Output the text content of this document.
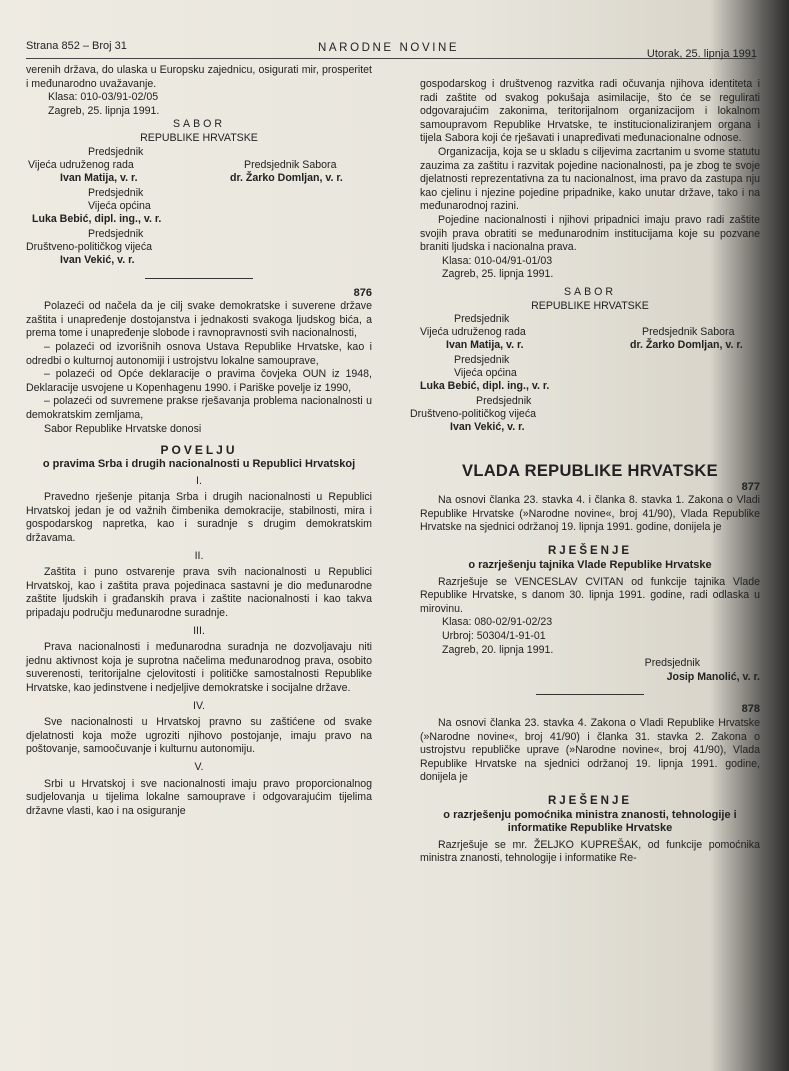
Strana 852 – Broj 31	NARODNE NOVINE	Utorak, 25. lipnja 1991

verenih država, do ulaska u Europsku zajednicu, osigurati mir, prosperitet i međunarodno uvažavanje.

Klasa: 010-03/91-02/05

Zagreb, 25. lipnja 1991.

SABOR

REPUBLIKE HRVATSKE

Predsjednik
Vijeća udruženog rada
Ivan Matija, v. r.
Predsjednik Sabora
dr. Žarko Domljan, v. r.
Predsjednik
Vijeća općina
Luka Bebić, dipl. ing., v. r.
Predsjednik
Društveno-političkog vijeća
Ivan Vekić, v. r.
876

Polazeći od načela da je cilj svake demokratske i suverene države zaštita i unapređenje dostojanstva i jednakosti svakoga ljudskog bića, a prema tome i unapređenje slobode i ravnopravnosti svih nacionalnosti,

– polazeći od izvorišnih osnova Ustava Republike Hrvatske, kao i odredbi o kulturnoj autonomiji i ustrojstvu lokalne samouprave,

– polazeći od Opće deklaracije o pravima čovjeka OUN iz 1948, Deklaracije usvojene u Kopenhagenu 1990. i Pariške povelje iz 1990,

– polazeći od suvremene prakse rješavanja problema nacionalnosti u demokratskim zemljama,

Sabor Republike Hrvatske donosi

POVELJU
o pravima Srba i drugih nacionalnosti u Republici Hrvatskoj
I.

Pravedno rješenje pitanja Srba i drugih nacionalnosti u Republici Hrvatskoj jedan je od važnih čimbenika demokracije, stabilnosti, mira i gospodarskog napretka, kao i suradnje s drugim demokratskim državama.

II.

Zaštita i puno ostvarenje prava svih nacionalnosti u Republici Hrvatskoj, kao i zaštita prava pojedinaca sastavni je dio međunarodne zaštite ljudskih i građanskih prava i zaštite nacionalnosti i kao takva pripadaju području međunarodne suradnje.

III.

Prava nacionalnosti i međunarodna suradnja ne dozvoljavaju niti jednu aktivnost koja je suprotna načelima međunarodnog prava, osobito suverenosti, teritorijalne cjelovitosti i političke samostalnosti Republike Hrvatske, kao jedinstvene i nedjeljive demokratske i socijalne države.

IV.

Sve nacionalnosti u Hrvatskoj pravno su zaštićene od svake djelatnosti koja može ugroziti njihovo postojanje, imaju pravo na poštovanje, samoočuvanje i kulturnu autonomiju.

V.

Srbi u Hrvatskoj i sve nacionalnosti imaju pravo proporcionalnog sudjelovanja u tijelima lokalne samouprave i odgovarajućim tijelima državne vlasti, kao i na osiguranje

gospodarskog i društvenog razvitka radi očuvanja njihova identiteta i radi zaštite od svakog pokušaja asimilacije, što će se regulirati odgovarajućim zakonima, teritorijalnom organizacijom i lokalnom samoupravom Republike Hrvatske, te institucionaliziranjem organa i tijela Sabora koji će rješavati i unapređivati međunacionalne odnose.

Organizacija, koja se u skladu s ciljevima zacrtanim u svome statutu zauzima za zaštitu i razvitak pojedine nacionalnosti, pa je zbog te svoje djelatnosti reprezentativna za tu nacionalnost, ima pravo da zastupa nju kao cjelinu i njezine pojedine pripadnike, kako unutar države, tako i na međunarodnoj razini.

Pojedine nacionalnosti i njihovi pripadnici imaju pravo radi zaštite svojih prava obratiti se međunarodnim institucijama koje su pozvane braniti ljudska i nacionalna prava.

Klasa: 010-04/91-01/03

Zagreb, 25. lipnja 1991.

SABOR

REPUBLIKE HRVATSKE

Predsjednik
Vijeća udruženog rada
Ivan Matija, v. r.
Predsjednik Sabora
dr. Žarko Domljan, v. r.
Predsjednik
Vijeća općina
Luka Bebić, dipl. ing., v. r.
Predsjednik
Društveno-političkog vijeća
Ivan Vekić, v. r.
VLADA REPUBLIKE HRVATSKE
877

Na osnovi članka 23. stavka 4. i članka 8. stavka 1. Zakona o Vladi Republike Hrvatske (»Narodne novine«, broj 41/90), Vlada Republike Hrvatske na sjednici održanoj 19. lipnja 1991. godine, donijela je

RJEŠENJE
o razrješenju tajnika Vlade Republike Hrvatske

Razrješuje se VENCESLAV CVITAN od funkcije tajnika Vlade Republike Hrvatske, s danom 30. lipnja 1991. godine, radi odlaska u mirovinu.

Klasa: 080-02/91-02/23

Urbroj: 50304/1-91-01

Zagreb, 20. lipnja 1991.

Predsjednik

Josip Manolić, v. r.

878

Na osnovi članka 23. stavka 4. Zakona o Vladi Republike Hrvatske (»Narodne novine«, broj 41/90) i članka 31. stavka 2. Zakona o ustrojstvu republičke uprave (»Narodne novine«, broj 41/90), Vlada Republike Hrvatske na sjednici održanoj 19. lipnja 1991. godine, donijela je

RJEŠENJE
o razrješenju pomoćnika ministra znanosti, tehnologije i informatike Republike Hrvatske

Razrješuje se mr. ŽELJKO KUPREŠAK, od funkcije pomoćnika ministra znanosti, tehnologije i informatike Re-
